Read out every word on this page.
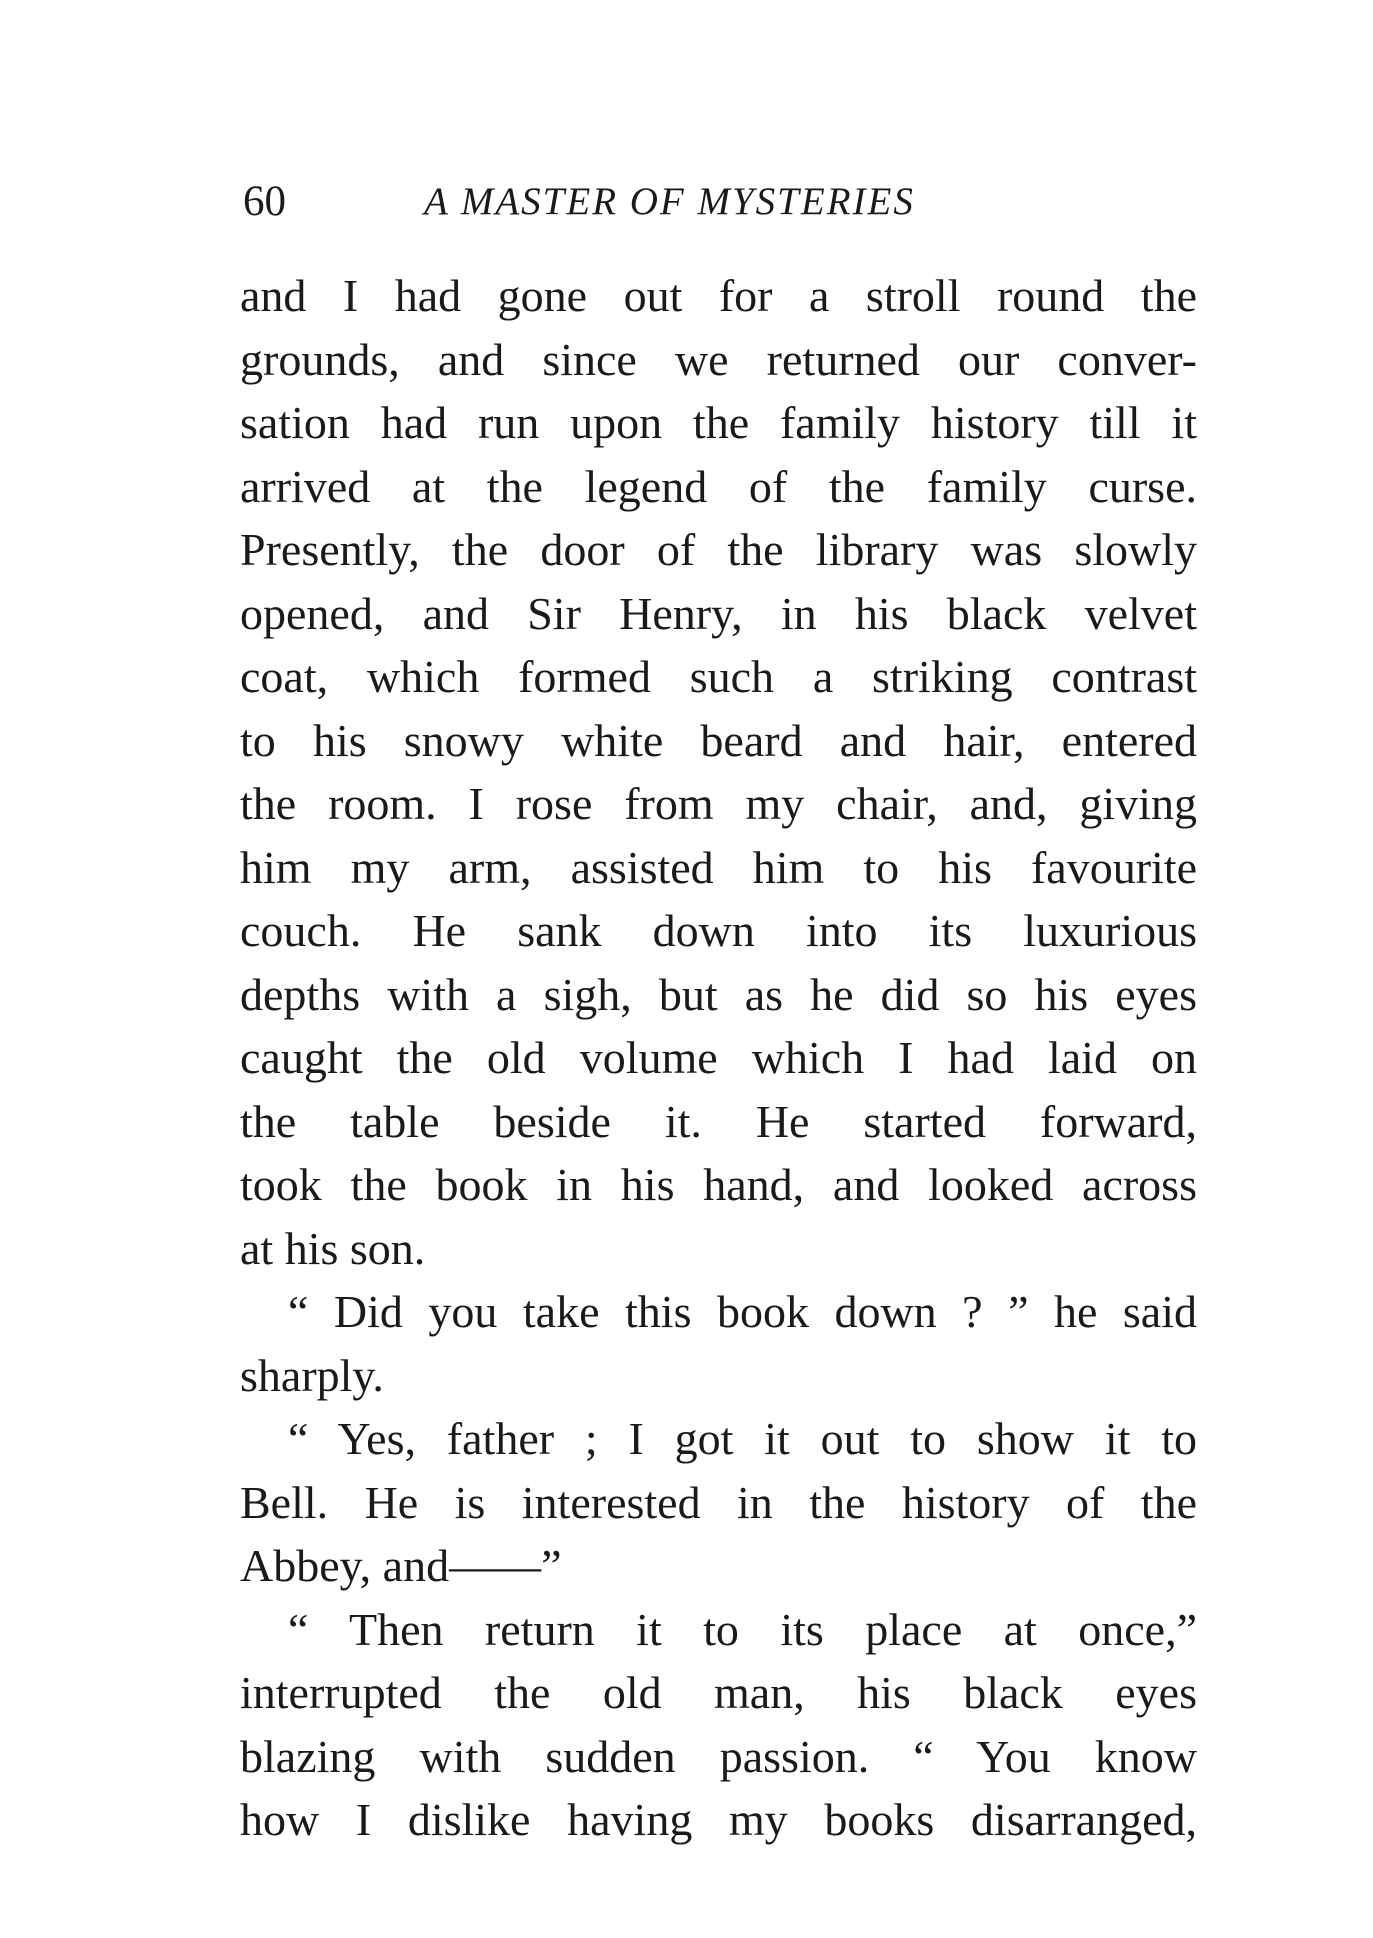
60	A MASTER OF MYSTERIES
and I had gone out for a stroll round the
grounds, and since we returned our conver-
sation had run upon the family history till it
arrived at the legend of the family curse.
Presently, the door of the library was slowly
opened, and Sir Henry, in his black velvet
coat, which formed such a striking contrast
to his snowy white beard and hair, entered
the room. I rose from my chair, and, giving
him my arm, assisted him to his favourite
couch. He sank down into its luxurious
depths with a sigh, but as he did so his eyes
caught the old volume which I had laid on
the table beside it. He started forward,
took the book in his hand, and looked across
at his son.
“ Did you take this book down ? ” he said
sharply.
“ Yes, father ; I got it out to show it to
Bell. He is interested in the history of the
Abbey, and——”
“ Then return it to its place at once,”
interrupted the old man, his black eyes
blazing with sudden passion. “ You know
how I dislike having my books disarranged,
